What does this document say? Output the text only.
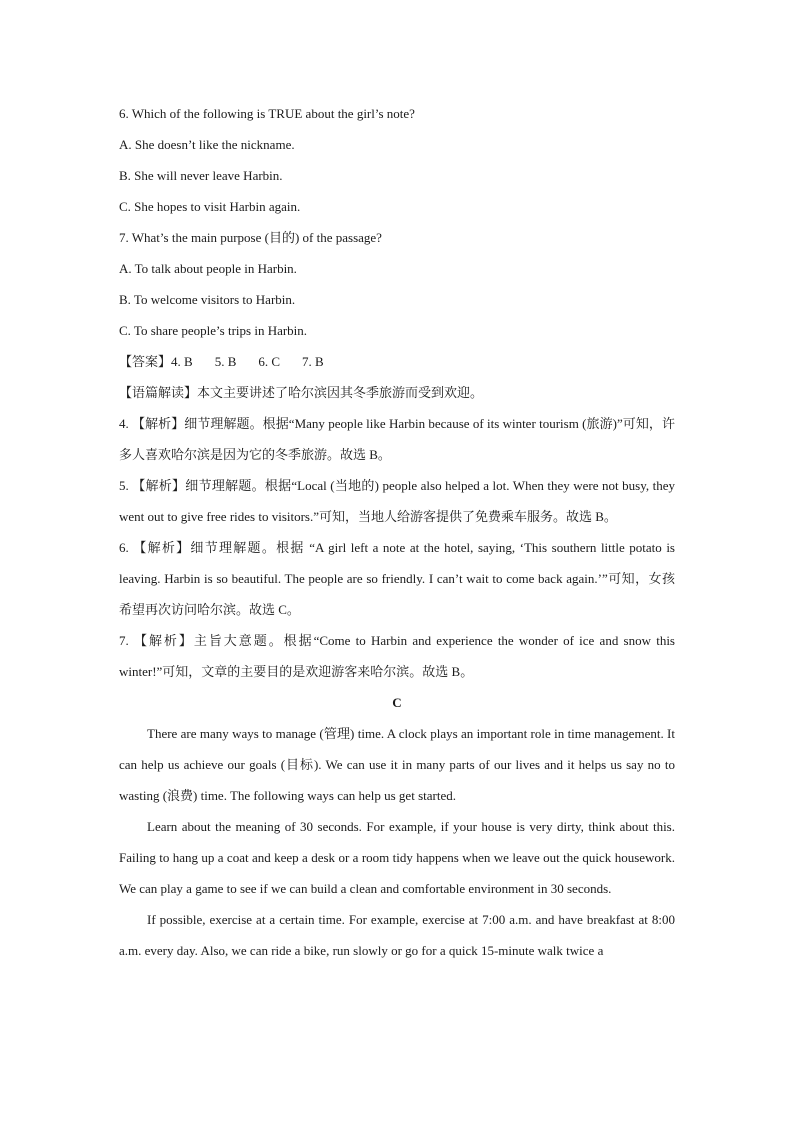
6. Which of the following is TRUE about the girl’s note?
A. She doesn’t like the nickname.
B. She will never leave Harbin.
C. She hopes to visit Harbin again.
7. What’s the main purpose (目的) of the passage?
A. To talk about people in Harbin.
B. To welcome visitors to Harbin.
C. To share people’s trips in Harbin.
【答案】4. B 5. B 6. C 7. B
【语篇解读】本文主要讲述了哈尔滨因其冬季旅游而受到欢迎。
4. 【解析】细节理解题。根据“Many people like Harbin because of its winter tourism (旅游)”可知，许多人喜欢哈尔滨是因为它的冬季旅游。故选 B。
5. 【解析】细节理解题。根据“Local (当地的) people also helped a lot. When they were not busy, they went out to give free rides to visitors.”可知，当地人给游客提供了免费乘车服务。故选 B。
6. 【解析】细节理解题。根据 “A girl left a note at the hotel, saying, ‘This southern little potato is leaving. Harbin is so beautiful. The people are so friendly. I can’t wait to come back again.’”可知，女孩希望再次访问哈尔滨。故选 C。
7. 【解析】主旨大意题。根据“Come to Harbin and experience the wonder of ice and snow this winter!”可知，文章的主要目的是欢迎游客来哈尔滨。故选 B。
C
There are many ways to manage (管理) time. A clock plays an important role in time management. It can help us achieve our goals (目标). We can use it in many parts of our lives and it helps us say no to wasting (浪费) time. The following ways can help us get started.
Learn about the meaning of 30 seconds. For example, if your house is very dirty, think about this. Failing to hang up a coat and keep a desk or a room tidy happens when we leave out the quick housework. We can play a game to see if we can build a clean and comfortable environment in 30 seconds.
If possible, exercise at a certain time. For example, exercise at 7:00 a.m. and have breakfast at 8:00 a.m. every day. Also, we can ride a bike, run slowly or go for a quick 15-minute walk twice a
